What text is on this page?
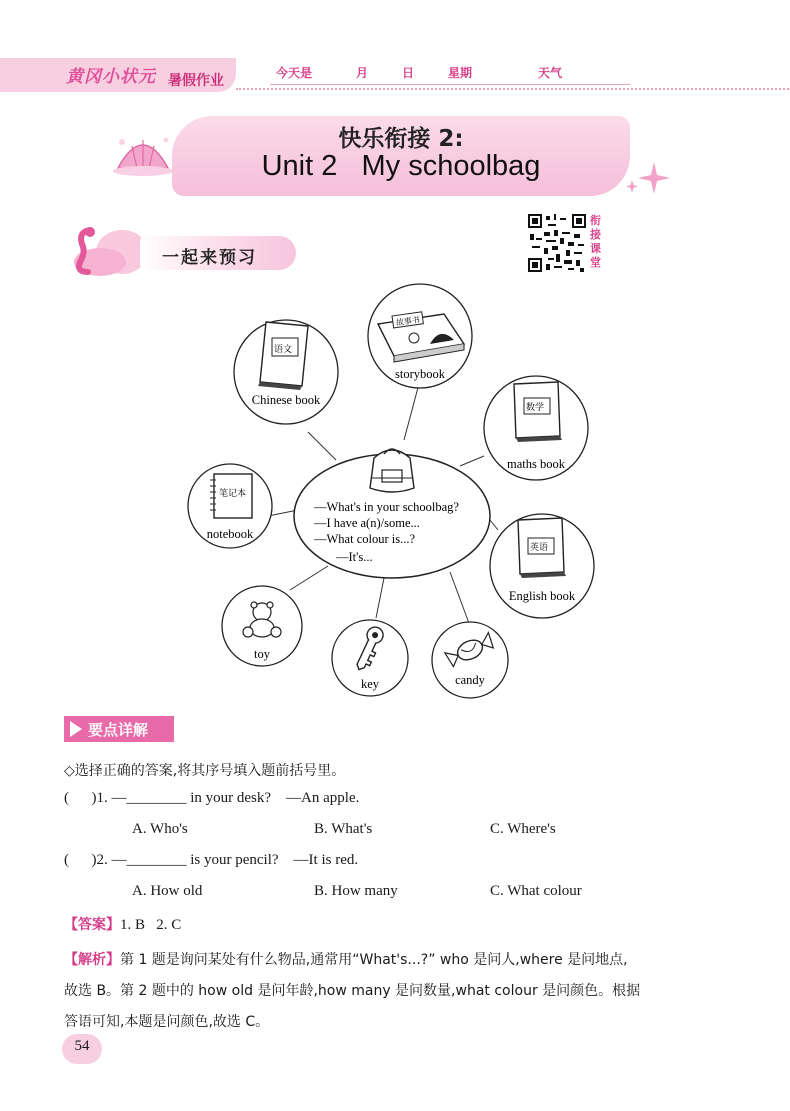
黄冈小状元 暑假作业	今天是	月	日	星期	天气
快乐衔接 2:
Unit 2   My schoolbag
一起来预习
衔
接
课
堂
—What's in your schoolbag?
—I have a(n)/some...
—What colour is...?
—It's...
语文
Chinese book
故事书
storybook
数学
maths book
笔记本
notebook
英语
English book
toy
key	candy
要点详解
◇选择正确的答案,将其序号填入题前括号里。
(      )1. —________ in your desk?    —An apple.
A. Who's	B. What's	C. Where's
(      )2. —________ is your pencil?    —It is red.
A. How old	B. How many	C. What colour
【答案】1. B   2. C
【解析】第 1 题是询问某处有什么物品,通常用“What's...?” who 是问人,where 是问地点,
故选 B。第 2 题中的 how old 是问年龄,how many 是问数量,what colour 是问颜色。根据
答语可知,本题是问颜色,故选 C。
54
